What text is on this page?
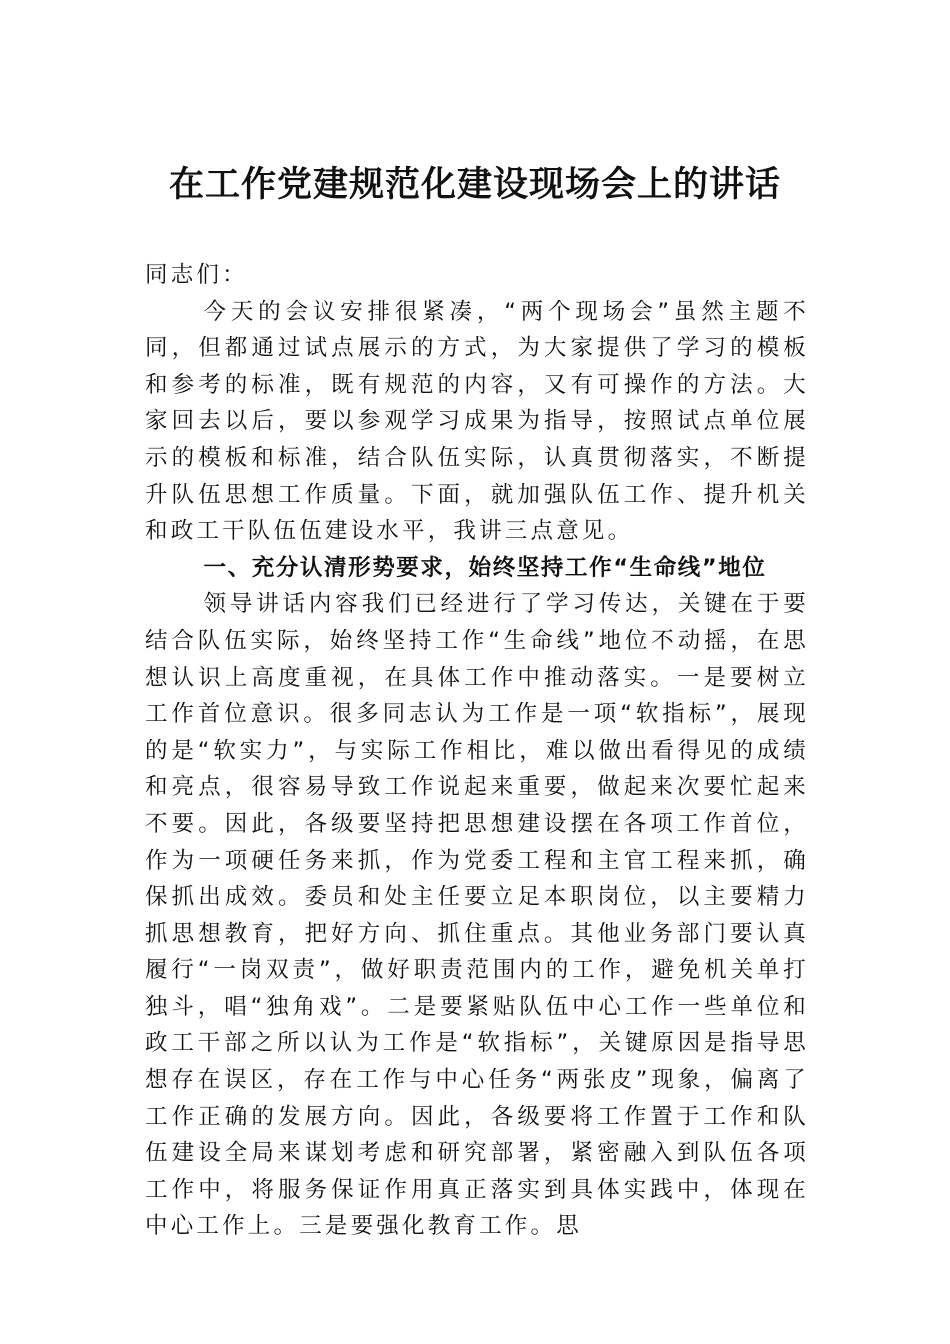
在工作党建规范化建设现场会上的讲话

同志们：

今天的会议安排很紧凑，“两个现场会”虽然主题不同，但都通过试点展示的方式，为大家提供了学习的模板和参考的标准，既有规范的内容，又有可操作的方法。大家回去以后，要以参观学习成果为指导，按照试点单位展示的模板和标准，结合队伍实际，认真贯彻落实，不断提升队伍思想工作质量。下面，就加强队伍工作、提升机关和政工干队伍伍建设水平，我讲三点意见。

一、充分认清形势要求，始终坚持工作“生命线”地位

领导讲话内容我们已经进行了学习传达，关键在于要结合队伍实际，始终坚持工作“生命线”地位不动摇，在思想认识上高度重视，在具体工作中推动落实。一是要树立工作首位意识。很多同志认为工作是一项“软指标”，展现的是“软实力”，与实际工作相比，难以做出看得见的成绩和亮点，很容易导致工作说起来重要，做起来次要忙起来不要。因此，各级要坚持把思想建设摆在各项工作首位，作为一项硬任务来抓，作为党委工程和主官工程来抓，确保抓出成效。委员和处主任要立足本职岗位，以主要精力抓思想教育，把好方向、抓住重点。其他业务部门要认真履行“一岗双责”，做好职责范围内的工作，避免机关单打独斗，唱“独角戏”。二是要紧贴队伍中心工作一些单位和政工干部之所以认为工作是“软指标”，关键原因是指导思想存在误区，存在工作与中心任务“两张皮”现象，偏离了工作正确的发展方向。因此，各级要将工作置于工作和队伍建设全局来谋划考虑和研究部署，紧密融入到队伍各项工作中，将服务保证作用真正落实到具体实践中，体现在中心工作上。三是要强化教育工作。思
